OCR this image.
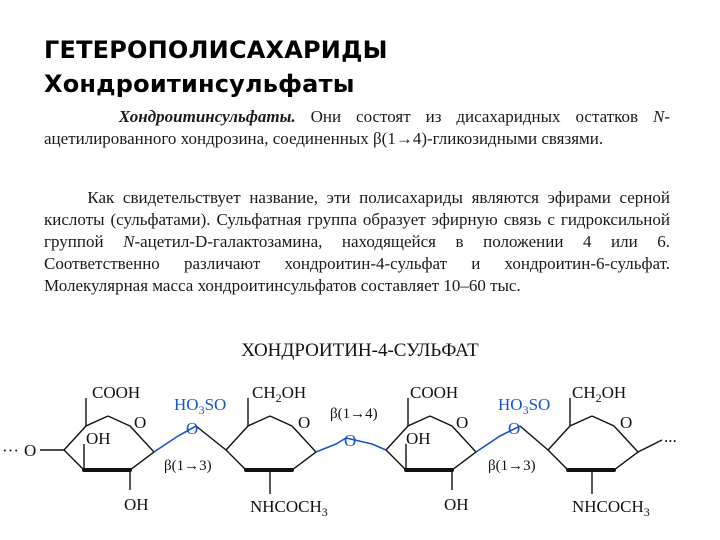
ГЕТЕРОПОЛИСАХАРИДЫ
Хондроитинсульфаты
Хондроитинсульфаты. Они состоят из дисахаридных остатков N-ацетилированного хондрозина, соединенных β(1→4)-гликозидными связями.
Как свидетельствует название, эти полисахариды являются эфирами серной кислоты (сульфатами). Сульфатная группа образует эфирную связь с гидроксильной группой N-ацетил-D-галактозамина, находящейся в положении 4 или 6. Соответственно различают хондроитин-4-сульфат и хондроитин-6-сульфат. Молекулярная масса хондроитинсульфатов составляет 10–60 тыс.
ХОНДРОИТИН-4-СУЛЬФАТ
COOH
O
OH
OH
··· O
β(1→3)
$HO_3SO$
O
$CH_2OH$
O
$NHCOCH_3$
β(1→4)
O
COOH
O
OH
OH
β(1→3)
$HO_3SO$
O
$CH_2OH$
O
$NHCOCH_3$
...
